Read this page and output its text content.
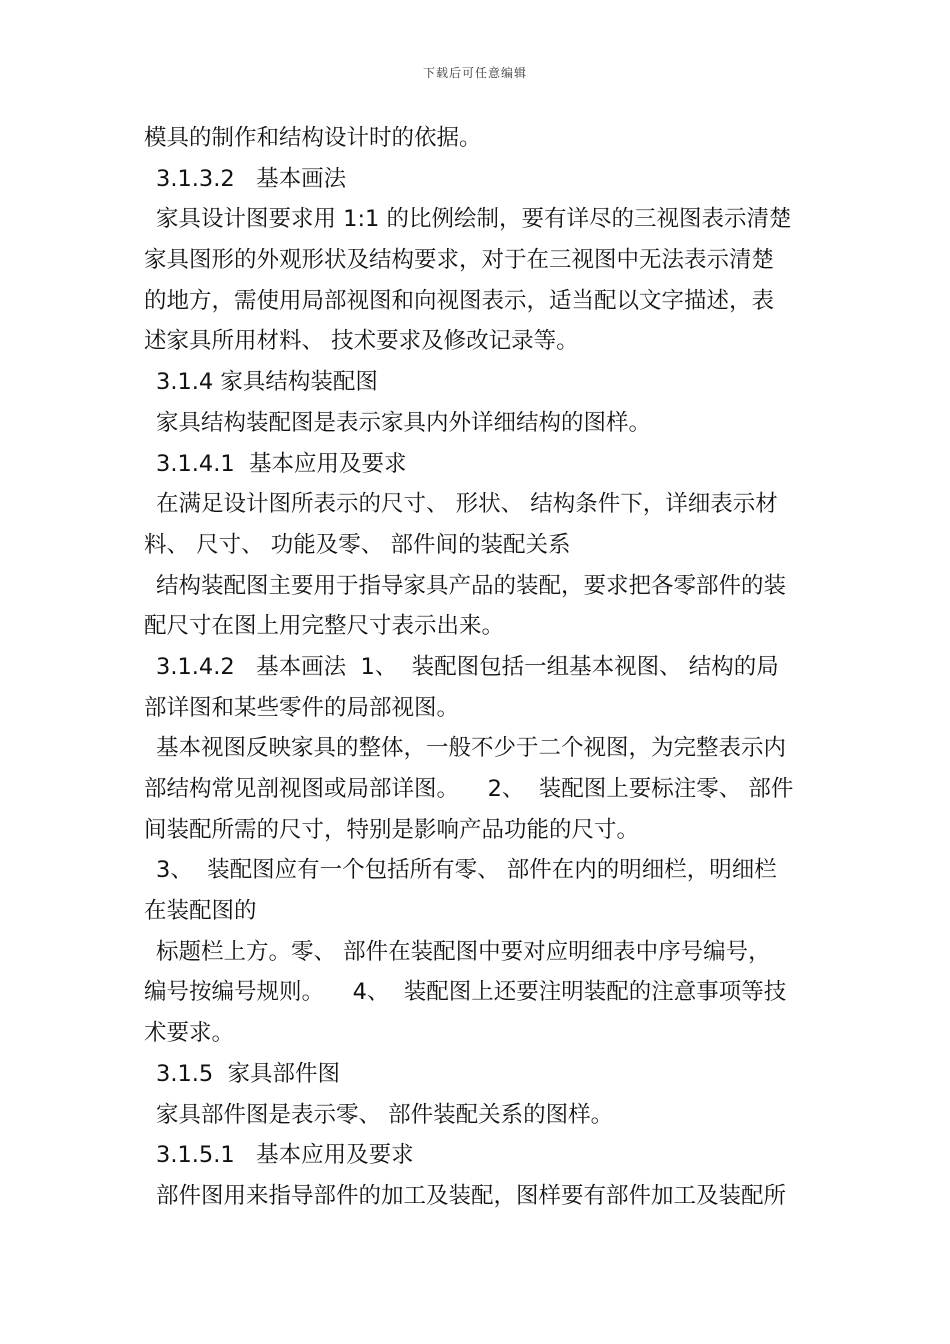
下载后可任意编辑
模具的制作和结构设计时的依据。
3.1.3.2   基本画法
家具设计图要求用 1:1 的比例绘制，要有详尽的三视图表示清楚
家具图形的外观形状及结构要求，对于在三视图中无法表示清楚
的地方，需使用局部视图和向视图表示，适当配以文字描述，表
述家具所用材料、 技术要求及修改记录等。
3.1.4 家具结构装配图
家具结构装配图是表示家具内外详细结构的图样。
3.1.4.1  基本应用及要求
在满足设计图所表示的尺寸、 形状、 结构条件下，详细表示材
料、 尺寸、 功能及零、 部件间的装配关系
结构装配图主要用于指导家具产品的装配，要求把各零部件的装
配尺寸在图上用完整尺寸表示出来。
3.1.4.2   基本画法  1、  装配图包括一组基本视图、 结构的局
部详图和某些零件的局部视图。
基本视图反映家具的整体，一般不少于二个视图，为完整表示内
部结构常见剖视图或局部详图。    2、  装配图上要标注零、 部件
间装配所需的尺寸，特别是影响产品功能的尺寸。
3、  装配图应有一个包括所有零、 部件在内的明细栏，明细栏
在装配图的
标题栏上方。零、 部件在装配图中要对应明细表中序号编号，
编号按编号规则。    4、  装配图上还要注明装配的注意事项等技
术要求。
3.1.5  家具部件图
家具部件图是表示零、 部件装配关系的图样。
3.1.5.1   基本应用及要求
部件图用来指导部件的加工及装配，图样要有部件加工及装配所
